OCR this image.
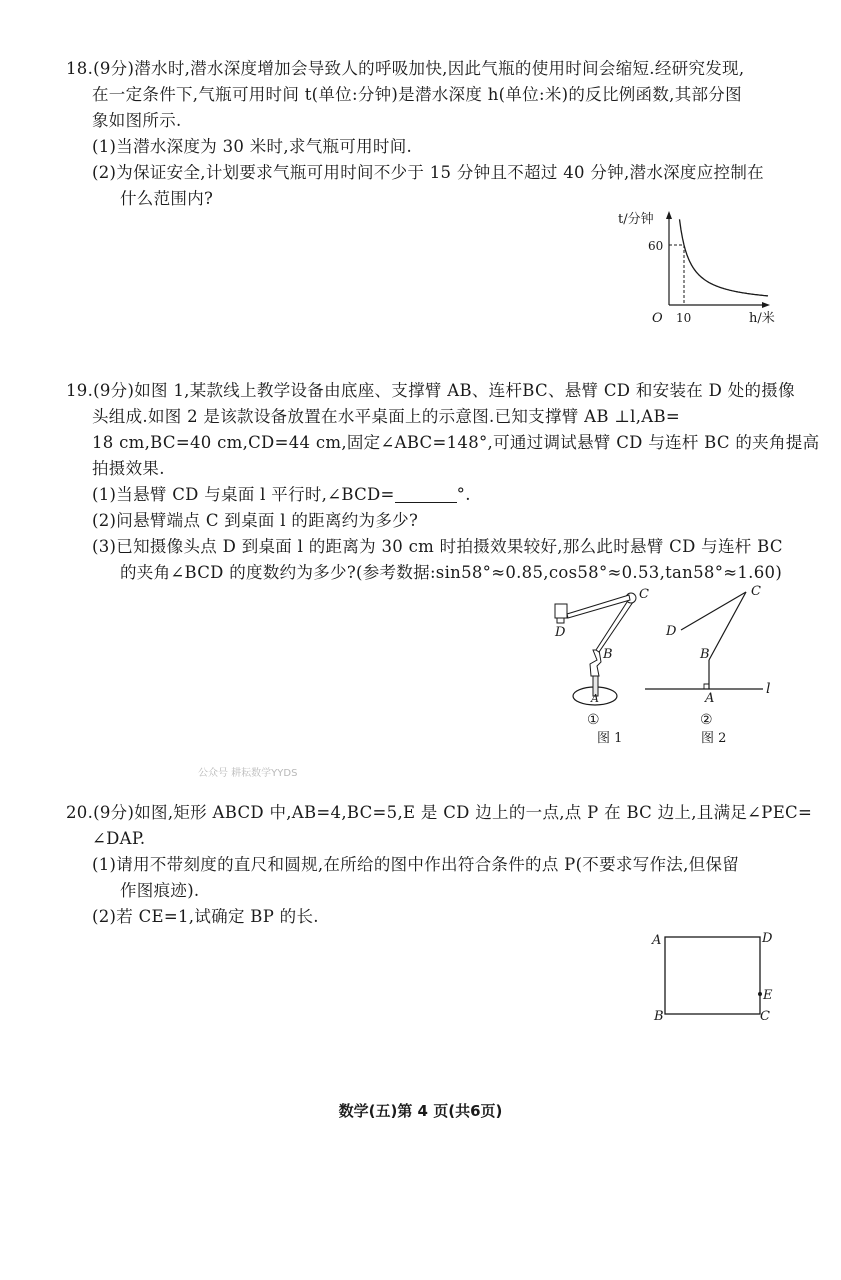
18.(9分)潜水时,潜水深度增加会导致人的呼吸加快,因此气瓶的使用时间会缩短.经研究发现,
在一定条件下,气瓶可用时间 t(单位:分钟)是潜水深度 h(单位:米)的反比例函数,其部分图
象如图所示.
(1)当潜水深度为 30 米时,求气瓶可用时间.
(2)为保证安全,计划要求气瓶可用时间不少于 15 分钟且不超过 40 分钟,潜水深度应控制在
什么范围内?
t/分钟
h/米
60
10
O
19.(9分)如图 1,某款线上教学设备由底座、支撑臂 AB、连杆BC、悬臂 CD 和安装在 D 处的摄像
头组成.如图 2 是该款设备放置在水平桌面上的示意图.已知支撑臂 AB ⊥l,AB=
18 cm,BC=40 cm,CD=44 cm,固定∠ABC=148°,可通过调试悬臂 CD 与连杆 BC 的夹角提高
拍摄效果.
(1)当悬臂 CD 与桌面 l 平行时,∠BCD=	°.
(2)问悬臂端点 C 到桌面 l 的距离约为多少?
(3)已知摄像头点 D 到桌面 l 的距离为 30 cm 时拍摄效果较好,那么此时悬臂 CD 与连杆 BC
的夹角∠BCD 的度数约为多少?(参考数据:sin58°≈0.85,cos58°≈0.53,tan58°≈1.60)
C
D
B
A
①
图 1
C
D
B
A
l
②
图 2
公众号 耕耘数学YYDS
20.(9分)如图,矩形 ABCD 中,AB=4,BC=5,E 是 CD 边上的一点,点 P 在 BC 边上,且满足∠PEC=
∠DAP.
(1)请用不带刻度的直尺和圆规,在所给的图中作出符合条件的点 P(不要求写作法,但保留
作图痕迹).
(2)若 CE=1,试确定 BP 的长.
A	D
B	C
E
数学(五)第 4 页(共6页)
